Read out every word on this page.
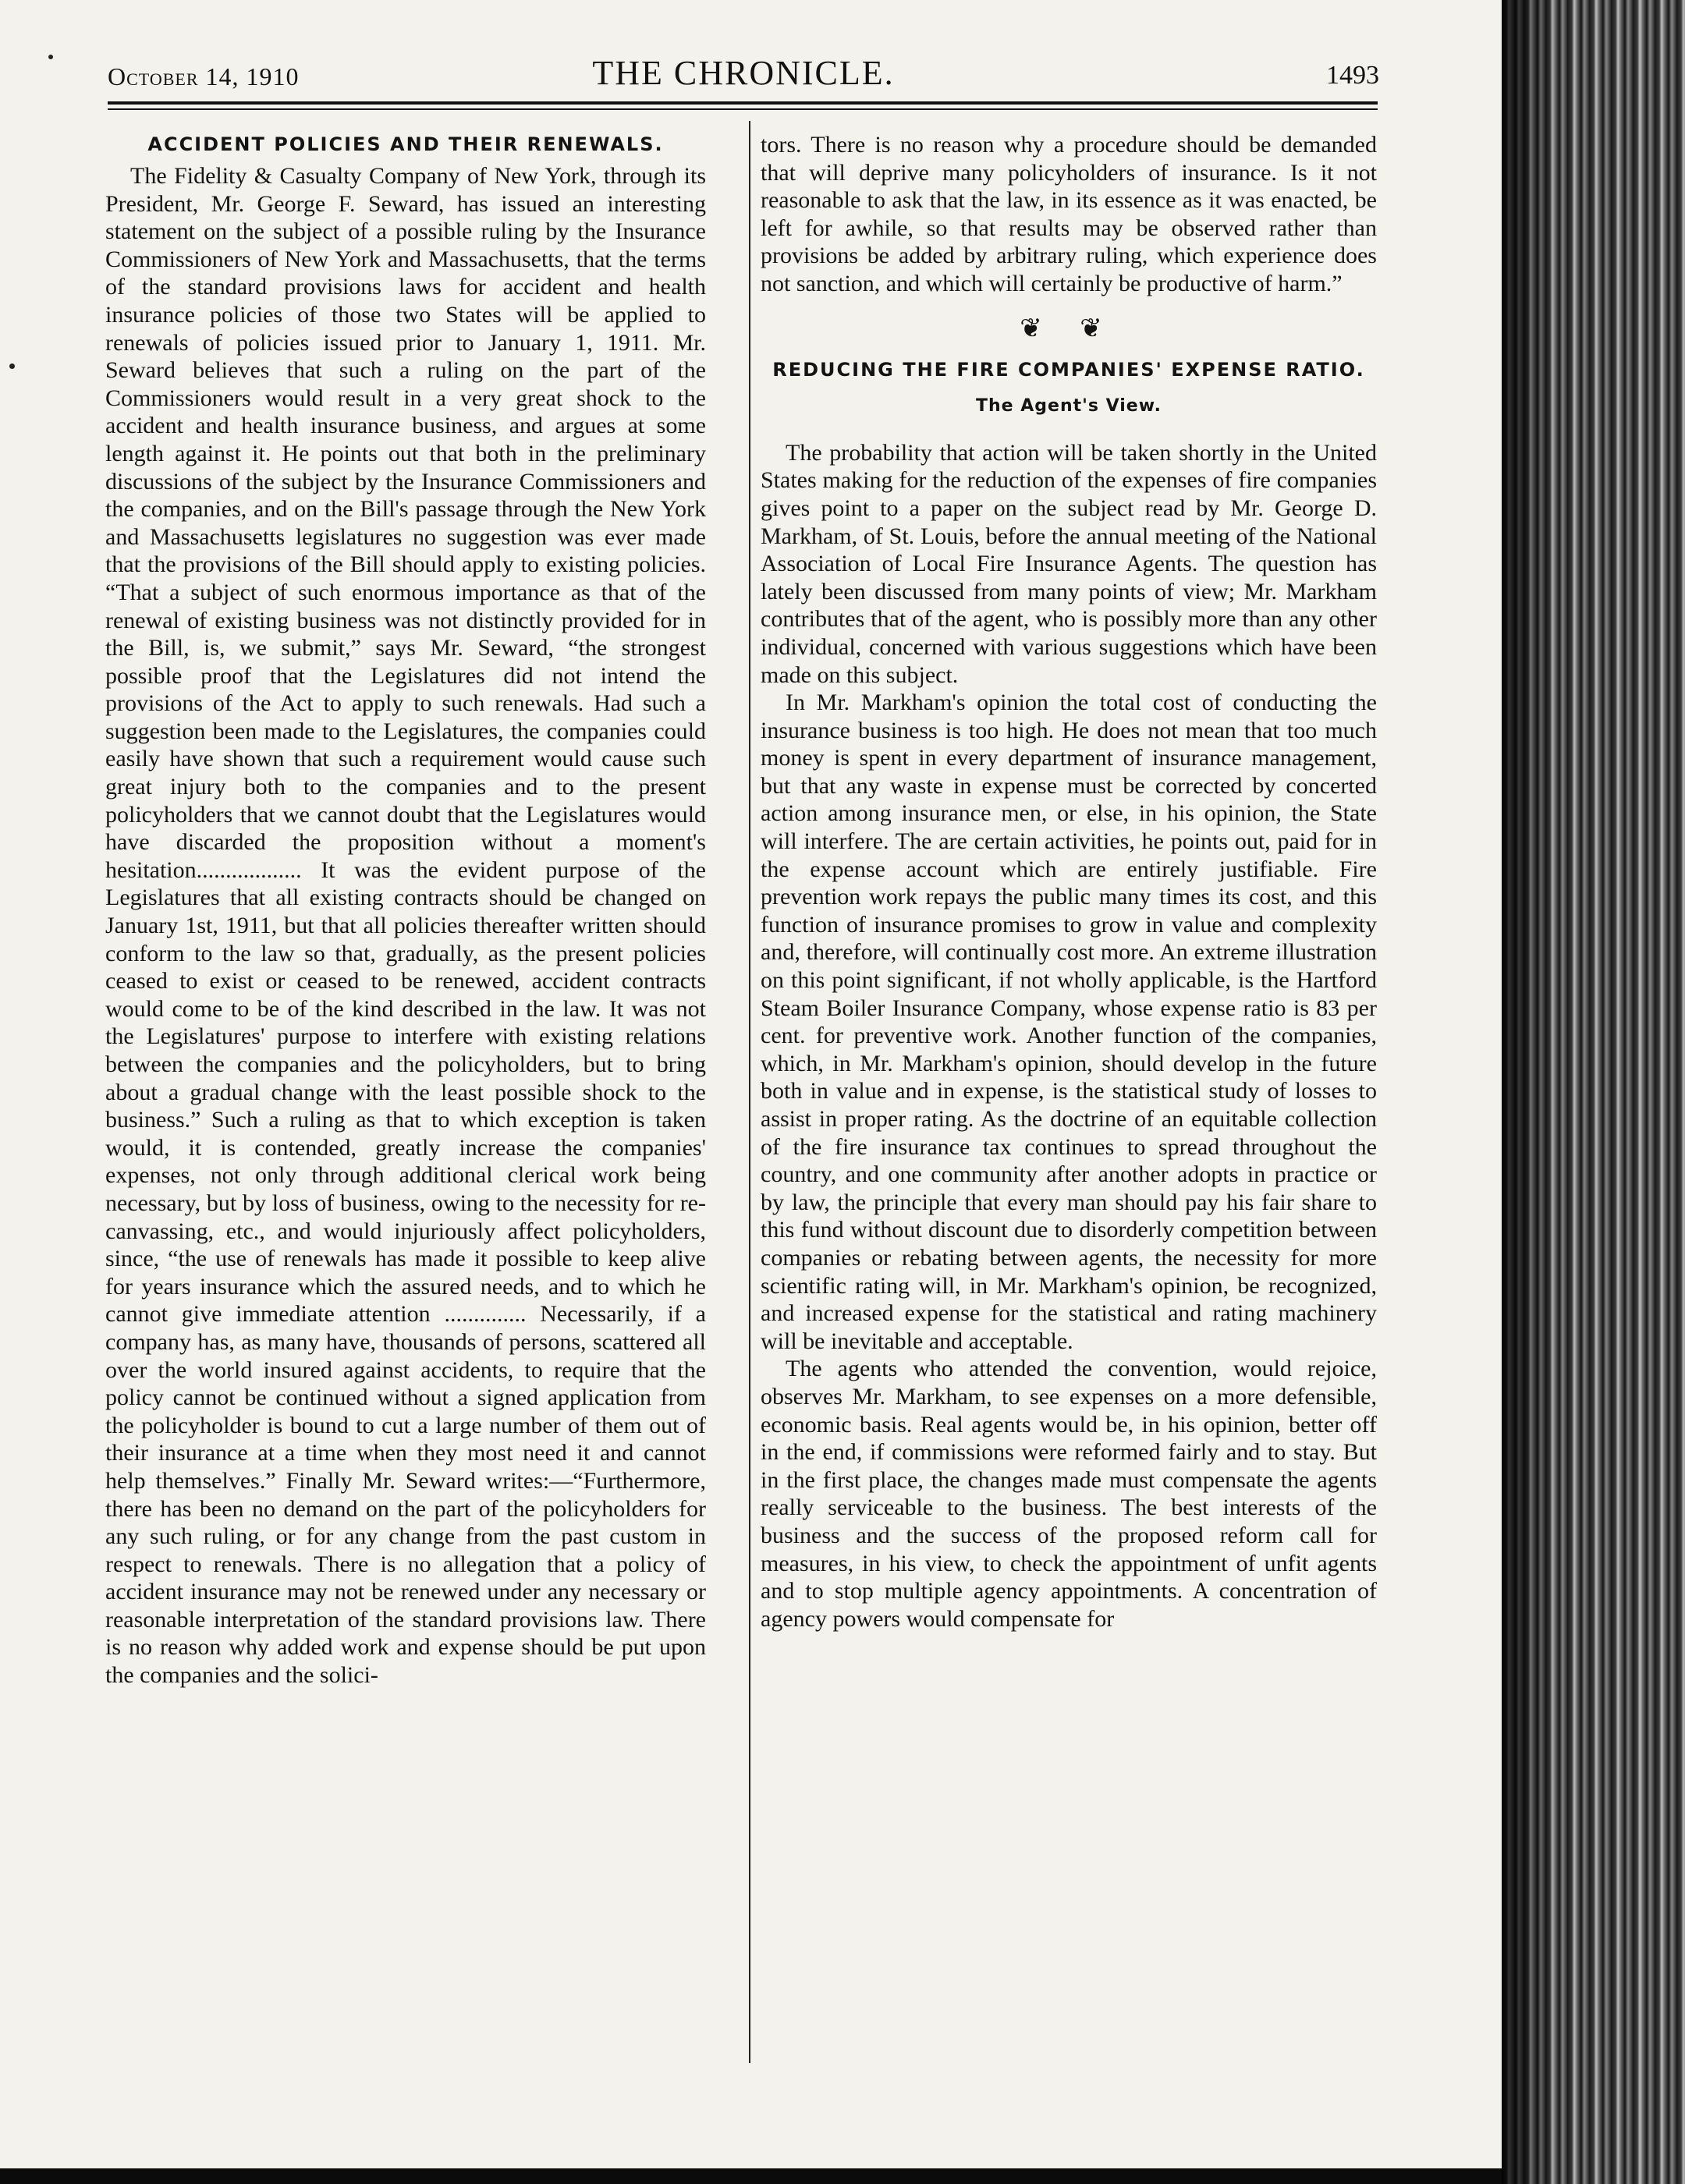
October 14, 1910	THE CHRONICLE.	1493
ACCIDENT POLICIES AND THEIR RENEWALS.

The Fidelity & Casualty Company of New York, through its President, Mr. George F. Seward, has issued an interesting statement on the subject of a possible ruling by the Insurance Commissioners of New York and Massachusetts, that the terms of the standard provisions laws for accident and health insurance policies of those two States will be applied to renewals of policies issued prior to January 1, 1911. Mr. Seward believes that such a ruling on the part of the Commissioners would result in a very great shock to the accident and health insurance business, and argues at some length against it. He points out that both in the preliminary discussions of the subject by the Insurance Commissioners and the companies, and on the Bill's passage through the New York and Massachusetts legislatures no suggestion was ever made that the provisions of the Bill should apply to existing policies. “That a subject of such enormous importance as that of the renewal of existing business was not distinctly provided for in the Bill, is, we submit,” says Mr. Seward, “the strongest possible proof that the Legislatures did not intend the provisions of the Act to apply to such renewals. Had such a suggestion been made to the Legislatures, the companies could easily have shown that such a requirement would cause such great injury both to the companies and to the present policyholders that we cannot doubt that the Legislatures would have discarded the proposition without a moment's hesitation.................. It was the evident purpose of the Legislatures that all existing contracts should be changed on January 1st, 1911, but that all policies thereafter written should conform to the law so that, gradually, as the present policies ceased to exist or ceased to be renewed, accident contracts would come to be of the kind described in the law. It was not the Legislatures' purpose to interfere with existing relations between the companies and the policyholders, but to bring about a gradual change with the least possible shock to the business.” Such a ruling as that to which exception is taken would, it is contended, greatly increase the companies' expenses, not only through additional clerical work being necessary, but by loss of business, owing to the necessity for re-canvassing, etc., and would injuriously affect policyholders, since, “the use of renewals has made it possible to keep alive for years insurance which the assured needs, and to which he cannot give immediate attention .............. Necessarily, if a company has, as many have, thousands of persons, scattered all over the world insured against accidents, to require that the policy cannot be continued without a signed application from the policyholder is bound to cut a large number of them out of their insurance at a time when they most need it and cannot help themselves.” Finally Mr. Seward writes:—“Furthermore, there has been no demand on the part of the policyholders for any such ruling, or for any change from the past custom in respect to renewals. There is no allegation that a policy of accident insurance may not be renewed under any necessary or reasonable interpretation of the standard provisions law. There is no reason why added work and expense should be put upon the companies and the solici-

tors. There is no reason why a procedure should be demanded that will deprive many policyholders of insurance. Is it not reasonable to ask that the law, in its essence as it was enacted, be left for awhile, so that results may be observed rather than provisions be added by arbitrary ruling, which experience does not sanction, and which will certainly be productive of harm.”

❦ ❦
REDUCING THE FIRE COMPANIES' EXPENSE RATIO.
The Agent's View.

The probability that action will be taken shortly in the United States making for the reduction of the expenses of fire companies gives point to a paper on the subject read by Mr. George D. Markham, of St. Louis, before the annual meeting of the National Association of Local Fire Insurance Agents. The question has lately been discussed from many points of view; Mr. Markham contributes that of the agent, who is possibly more than any other individual, concerned with various suggestions which have been made on this subject.

In Mr. Markham's opinion the total cost of conducting the insurance business is too high. He does not mean that too much money is spent in every department of insurance management, but that any waste in expense must be corrected by concerted action among insurance men, or else, in his opinion, the State will interfere. The are certain activities, he points out, paid for in the expense account which are entirely justifiable. Fire prevention work repays the public many times its cost, and this function of insurance promises to grow in value and complexity and, therefore, will continually cost more. An extreme illustration on this point significant, if not wholly applicable, is the Hartford Steam Boiler Insurance Company, whose expense ratio is 83 per cent. for preventive work. Another function of the companies, which, in Mr. Markham's opinion, should develop in the future both in value and in expense, is the statistical study of losses to assist in proper rating. As the doctrine of an equitable collection of the fire insurance tax continues to spread throughout the country, and one community after another adopts in practice or by law, the principle that every man should pay his fair share to this fund without discount due to disorderly competition between companies or rebating between agents, the necessity for more scientific rating will, in Mr. Markham's opinion, be recognized, and increased expense for the statistical and rating machinery will be inevitable and acceptable.

The agents who attended the convention, would rejoice, observes Mr. Markham, to see expenses on a more defensible, economic basis. Real agents would be, in his opinion, better off in the end, if commissions were reformed fairly and to stay. But in the first place, the changes made must compensate the agents really serviceable to the business. The best interests of the business and the success of the proposed reform call for measures, in his view, to check the appointment of unfit agents and to stop multiple agency appointments. A concentration of agency powers would compensate for
